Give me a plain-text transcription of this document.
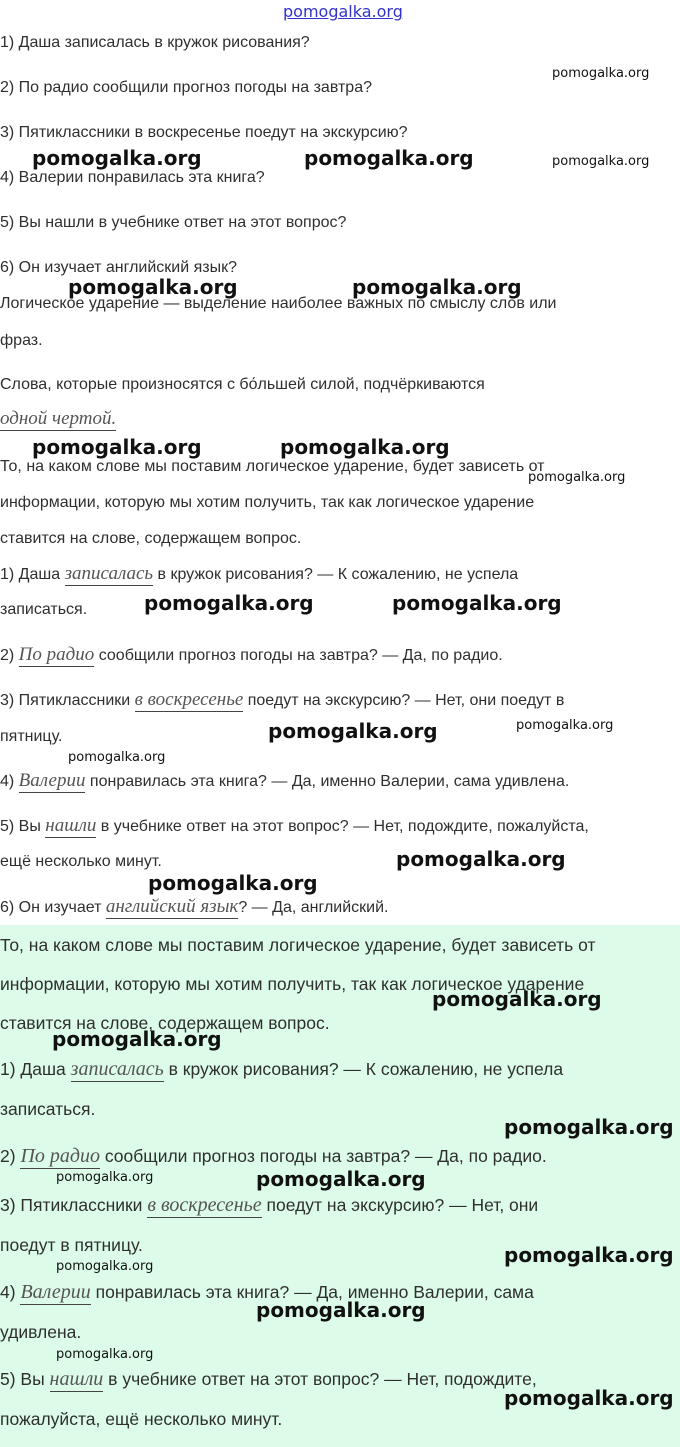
1) Даша записалась в кружок рисования?
2) По радио сообщили прогноз погоды на завтра?
3) Пятиклассники в воскресенье поедут на экскурсию?
4) Валерии понравилась эта книга?
5) Вы нашли в учебнике ответ на этот вопрос?
6) Он изучает английский язык?
Логическое ударение — выделение наиболее важных по смыслу слов или
фраз.
Слова, которые произносятся с бо́льшей силой, подчёркиваются
одной чертой.
То, на каком слове мы поставим логическое ударение, будет зависеть от
информации, которую мы хотим получить, так как логическое ударение
ставится на слове, содержащем вопрос.
1) Даша записалась в кружок рисования? — К сожалению, не успела
записаться.
2) По радио сообщили прогноз погоды на завтра? — Да, по радио.
3) Пятиклассники в воскресенье поедут на экскурсию? — Нет, они поедут в
пятницу.
4) Валерии понравилась эта книга? — Да, именно Валерии, сама удивлена.
5) Вы нашли в учебнике ответ на этот вопрос? — Нет, подождите, пожалуйста,
ещё несколько минут.
6) Он изучает английский язык? — Да, английский.
То, на каком слове мы поставим логическое ударение, будет зависеть от
информации, которую мы хотим получить, так как логическое ударение
ставится на слове, содержащем вопрос.
1) Даша записалась в кружок рисования? — К сожалению, не успела
записаться.
2) По радио сообщили прогноз погоды на завтра? — Да, по радио.
3) Пятиклассники в воскресенье поедут на экскурсию? — Нет, они
поедут в пятницу.
4) Валерии понравилась эта книга? — Да, именно Валерии, сама
удивлена.
5) Вы нашли в учебнике ответ на этот вопрос? — Нет, подождите,
пожалуйста, ещё несколько минут.
pomogalka.org
pomogalka.org
pomogalka.org	pomogalka.org	pomogalka.org
pomogalka.org	pomogalka.org
pomogalka.org	pomogalka.org
pomogalka.org
pomogalka.org	pomogalka.org
pomogalka.org
pomogalka.org
pomogalka.org
pomogalka.org
pomogalka.org
pomogalka.org
pomogalka.org
pomogalka.org
pomogalka.org	pomogalka.org
pomogalka.org
pomogalka.org
pomogalka.org
pomogalka.org
pomogalka.org
